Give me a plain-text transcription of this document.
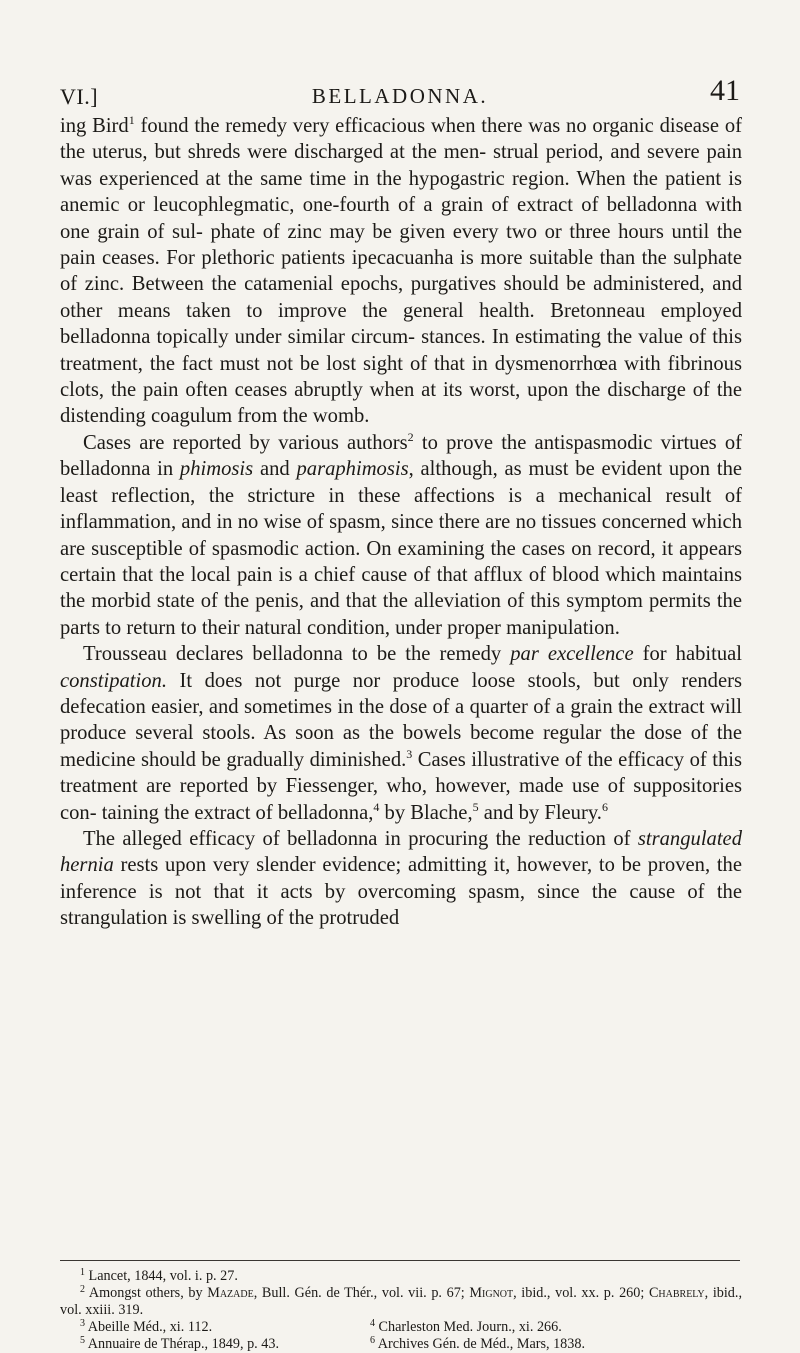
VI.]	BELLADONNA.	41

ing Bird$^1$ found the remedy very efficacious when there was no organic disease of the uterus, but shreds were discharged at the men- strual period, and severe pain was experienced at the same time in the hypogastric region. When the patient is anemic or leucophlegmatic, one-fourth of a grain of extract of belladonna with one grain of sul- phate of zinc may be given every two or three hours until the pain ceases. For plethoric patients ipecacuanha is more suitable than the sulphate of zinc. Between the catamenial epochs, purgatives should be administered, and other means taken to improve the general health. Bretonneau employed belladonna topically under similar circum- stances. In estimating the value of this treatment, the fact must not be lost sight of that in dysmenorrhœa with fibrinous clots, the pain often ceases abruptly when at its worst, upon the discharge of the distending coagulum from the womb.

Cases are reported by various authors$^2$ to prove the antispasmodic virtues of belladonna in phimosis and paraphimosis, although, as must be evident upon the least reflection, the stricture in these affections is a mechanical result of inflammation, and in no wise of spasm, since there are no tissues concerned which are susceptible of spasmodic action. On examining the cases on record, it appears certain that the local pain is a chief cause of that afflux of blood which maintains the morbid state of the penis, and that the alleviation of this symptom permits the parts to return to their natural condition, under proper manipulation.

Trousseau declares belladonna to be the remedy par excellence for habitual constipation. It does not purge nor produce loose stools, but only renders defecation easier, and sometimes in the dose of a quarter of a grain the extract will produce several stools. As soon as the bowels become regular the dose of the medicine should be gradually diminished.$^3$ Cases illustrative of the efficacy of this treatment are reported by Fiessenger, who, however, made use of suppositories con- taining the extract of belladonna,$^4$ by Blache,$^5$ and by Fleury.$^6$

The alleged efficacy of belladonna in procuring the reduction of strangulated hernia rests upon very slender evidence; admitting it, however, to be proven, the inference is not that it acts by overcoming spasm, since the cause of the strangulation is swelling of the protruded

$^1$ Lancet, 1844, vol. i. p. 27.
$^2$ Amongst others, by Mazade, Bull. Gén. de Thér., vol. vii. p. 67; Mignot, ibid., vol. xx. p. 260; Chabrely, ibid., vol. xxiii. 319.
$^3$ Abeille Méd., xi. 112.	$^4$ Charleston Med. Journ., xi. 266.
$^5$ Annuaire de Thérap., 1849, p. 43.	$^6$ Archives Gén. de Méd., Mars, 1838.
